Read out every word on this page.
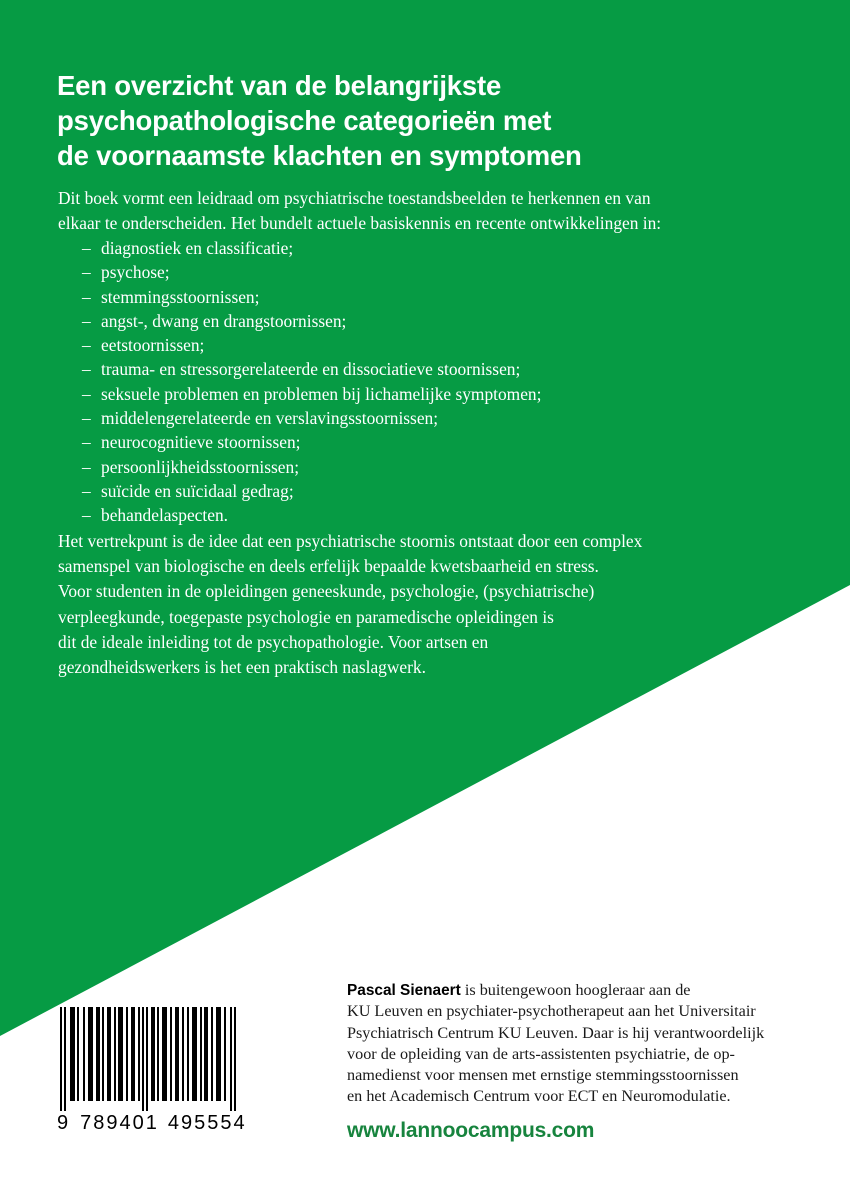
Een overzicht van de belangrijkste
psychopathologische categorieën met
de voornaamste klachten en symptomen
Dit boek vormt een leidraad om psychiatrische toestandsbeelden te herkennen en van
elkaar te onderscheiden. Het bundelt actuele basiskennis en recente ontwikkelingen in:
– diagnostiek en classificatie;
– psychose;
– stemmingsstoornissen;
– angst-, dwang en drangstoornissen;
– eetstoornissen;
– trauma- en stressorgerelateerde en dissociatieve stoornissen;
– seksuele problemen en problemen bij lichamelijke symptomen;
– middelengerelateerde en verslavingsstoornissen;
– neurocognitieve stoornissen;
– persoonlijkheidsstoornissen;
– suïcide en suïcidaal gedrag;
– behandelaspecten.
Het vertrekpunt is de idee dat een psychiatrische stoornis ontstaat door een complex
samenspel van biologische en deels erfelijk bepaalde kwetsbaarheid en stress.
Voor studenten in de opleidingen geneeskunde, psychologie, (psychiatrische)
verpleegkunde, toegepaste psychologie en paramedische opleidingen is
dit de ideale inleiding tot de psychopathologie. Voor artsen en
gezondheidswerkers is het een praktisch naslagwerk.
9 789401 495554
Pascal Sienaert is buitengewoon hoogleraar aan de
KU Leuven en psychiater-psychotherapeut aan het Universitair
Psychiatrisch Centrum KU Leuven. Daar is hij verantwoordelijk
voor de opleiding van de arts-assistenten psychiatrie, de op-
namedienst voor mensen met ernstige stemmingsstoornissen
en het Academisch Centrum voor ECT en Neuromodulatie.
www.lannoocampus.com
